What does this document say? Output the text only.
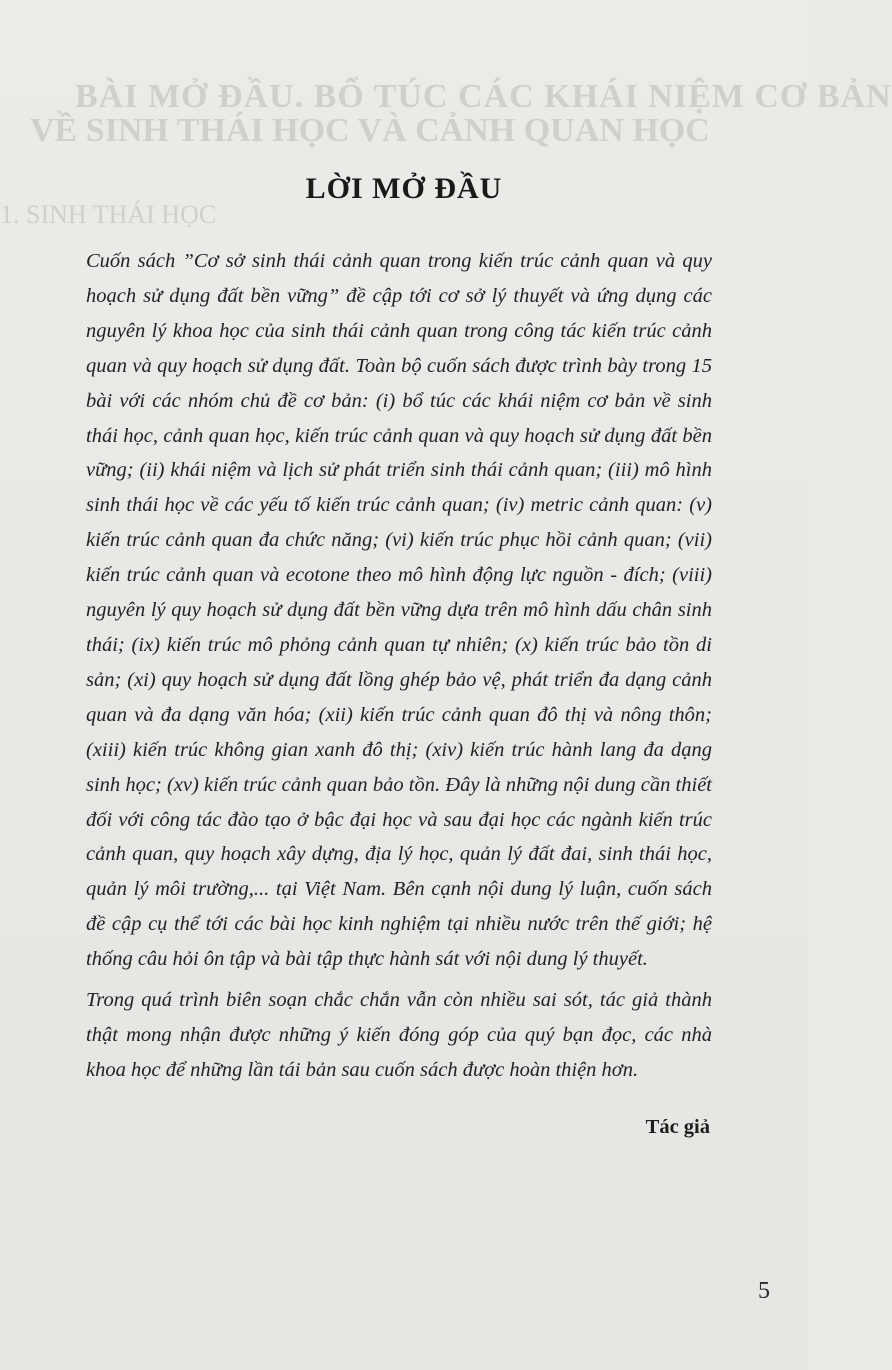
BÀI MỞ ĐẦU. BỔ TÚC CÁC KHÁI NIỆM CƠ BẢN
VỀ SINH THÁI HỌC VÀ CẢNH QUAN HỌC
1. SINH THÁI HỌC
LỜI MỞ ĐẦU

Cuốn sách ”Cơ sở sinh thái cảnh quan trong kiến trúc cảnh quan và quy hoạch sử dụng đất bền vững” đề cập tới cơ sở lý thuyết và ứng dụng các nguyên lý khoa học của sinh thái cảnh quan trong công tác kiến trúc cảnh quan và quy hoạch sử dụng đất. Toàn bộ cuốn sách được trình bày trong 15 bài với các nhóm chủ đề cơ bản: (i) bổ túc các khái niệm cơ bản về sinh thái học, cảnh quan học, kiến trúc cảnh quan và quy hoạch sử dụng đất bền vững; (ii) khái niệm và lịch sử phát triển sinh thái cảnh quan; (iii) mô hình sinh thái học về các yếu tố kiến trúc cảnh quan; (iv) metric cảnh quan: (v) kiến trúc cảnh quan đa chức năng; (vi) kiến trúc phục hồi cảnh quan; (vii) kiến trúc cảnh quan và ecotone theo mô hình động lực nguồn - đích; (viii) nguyên lý quy hoạch sử dụng đất bền vững dựa trên mô hình dấu chân sinh thái; (ix) kiến trúc mô phỏng cảnh quan tự nhiên; (x) kiến trúc bảo tồn di sản; (xi) quy hoạch sử dụng đất lồng ghép bảo vệ, phát triển đa dạng cảnh quan và đa dạng văn hóa; (xii) kiến trúc cảnh quan đô thị và nông thôn; (xiii) kiến trúc không gian xanh đô thị; (xiv) kiến trúc hành lang đa dạng sinh học; (xv) kiến trúc cảnh quan bảo tồn. Đây là những nội dung cần thiết đối với công tác đào tạo ở bậc đại học và sau đại học các ngành kiến trúc cảnh quan, quy hoạch xây dựng, địa lý học, quản lý đất đai, sinh thái học, quản lý môi trường,... tại Việt Nam. Bên cạnh nội dung lý luận, cuốn sách đề cập cụ thể tới các bài học kinh nghiệm tại nhiều nước trên thế giới; hệ thống câu hỏi ôn tập và bài tập thực hành sát với nội dung lý thuyết.

Trong quá trình biên soạn chắc chắn vẫn còn nhiều sai sót, tác giả thành thật mong nhận được những ý kiến đóng góp của quý bạn đọc, các nhà khoa học để những lần tái bản sau cuốn sách được hoàn thiện hơn.

Tác giả
5
